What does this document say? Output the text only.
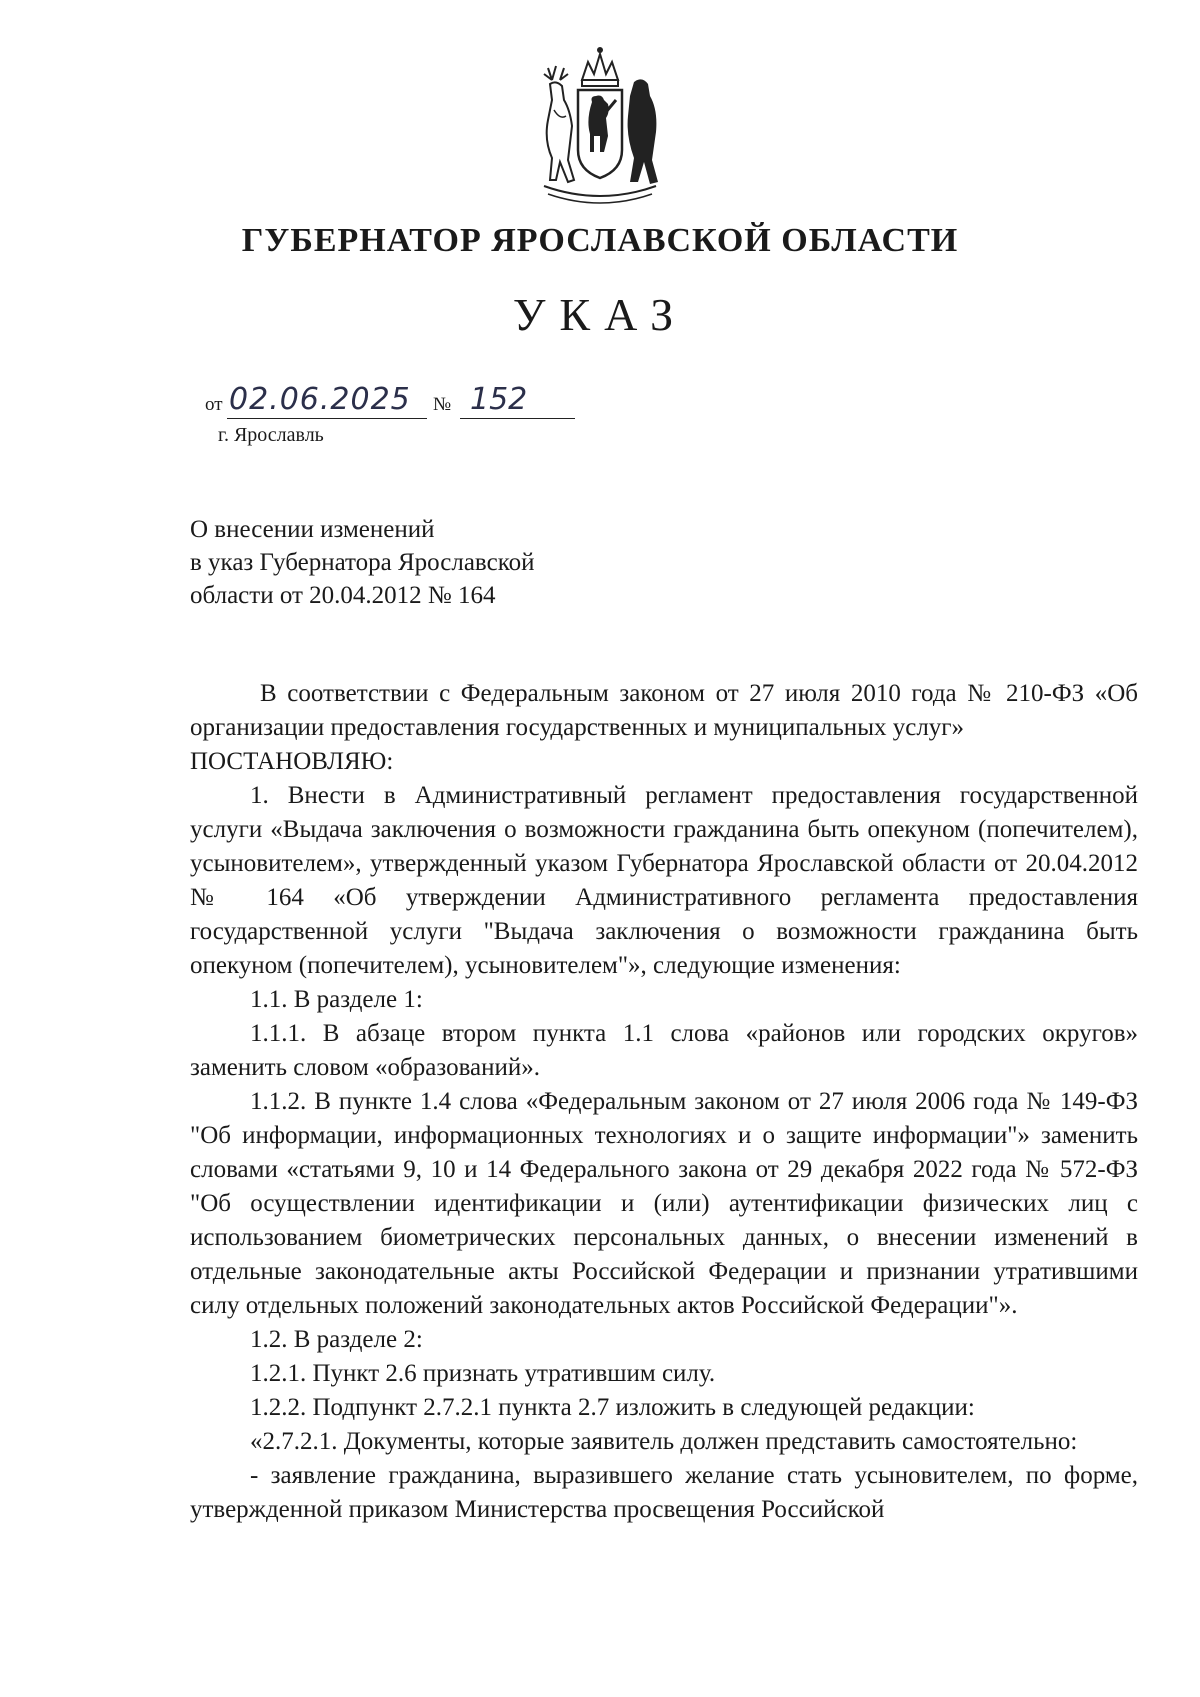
ГУБЕРНАТОР ЯРОСЛАВСКОЙ ОБЛАСТИ
УКАЗ
от 02.06.2025 № 152
г. Ярославль
О внесении изменений
в указ Губернатора Ярославской
области от 20.04.2012 № 164

В соответствии с Федеральным законом от 27 июля 2010 года № 210-ФЗ «Об организации предоставления государственных и муниципальных услуг»

ПОСТАНОВЛЯЮ:

1. Внести в Административный регламент предоставления государственной услуги «Выдача заключения о возможности гражданина быть опекуном (попечителем), усыновителем», утвержденный указом Губернатора Ярославской области от 20.04.2012 № 164 «Об утверждении Административного регламента предоставления государственной услуги "Выдача заключения о возможности гражданина быть опекуном (попечителем), усыновителем"», следующие изменения:

1.1. В разделе 1:

1.1.1. В абзаце втором пункта 1.1 слова «районов или городских округов» заменить словом «образований».

1.1.2. В пункте 1.4 слова «Федеральным законом от 27 июля 2006 года № 149-ФЗ "Об информации, информационных технологиях и о защите информации"» заменить словами «статьями 9, 10 и 14 Федерального закона от 29 декабря 2022 года № 572-ФЗ "Об осуществлении идентификации и (или) аутентификации физических лиц с использованием биометрических персональных данных, о внесении изменений в отдельные законодательные акты Российской Федерации и признании утратившими силу отдельных положений законодательных актов Российской Федерации"».

1.2. В разделе 2:

1.2.1. Пункт 2.6 признать утратившим силу.

1.2.2. Подпункт 2.7.2.1 пункта 2.7 изложить в следующей редакции:

«2.7.2.1. Документы, которые заявитель должен представить самостоятельно:

- заявление гражданина, выразившего желание стать усыновителем, по форме, утвержденной приказом Министерства просвещения Российской
